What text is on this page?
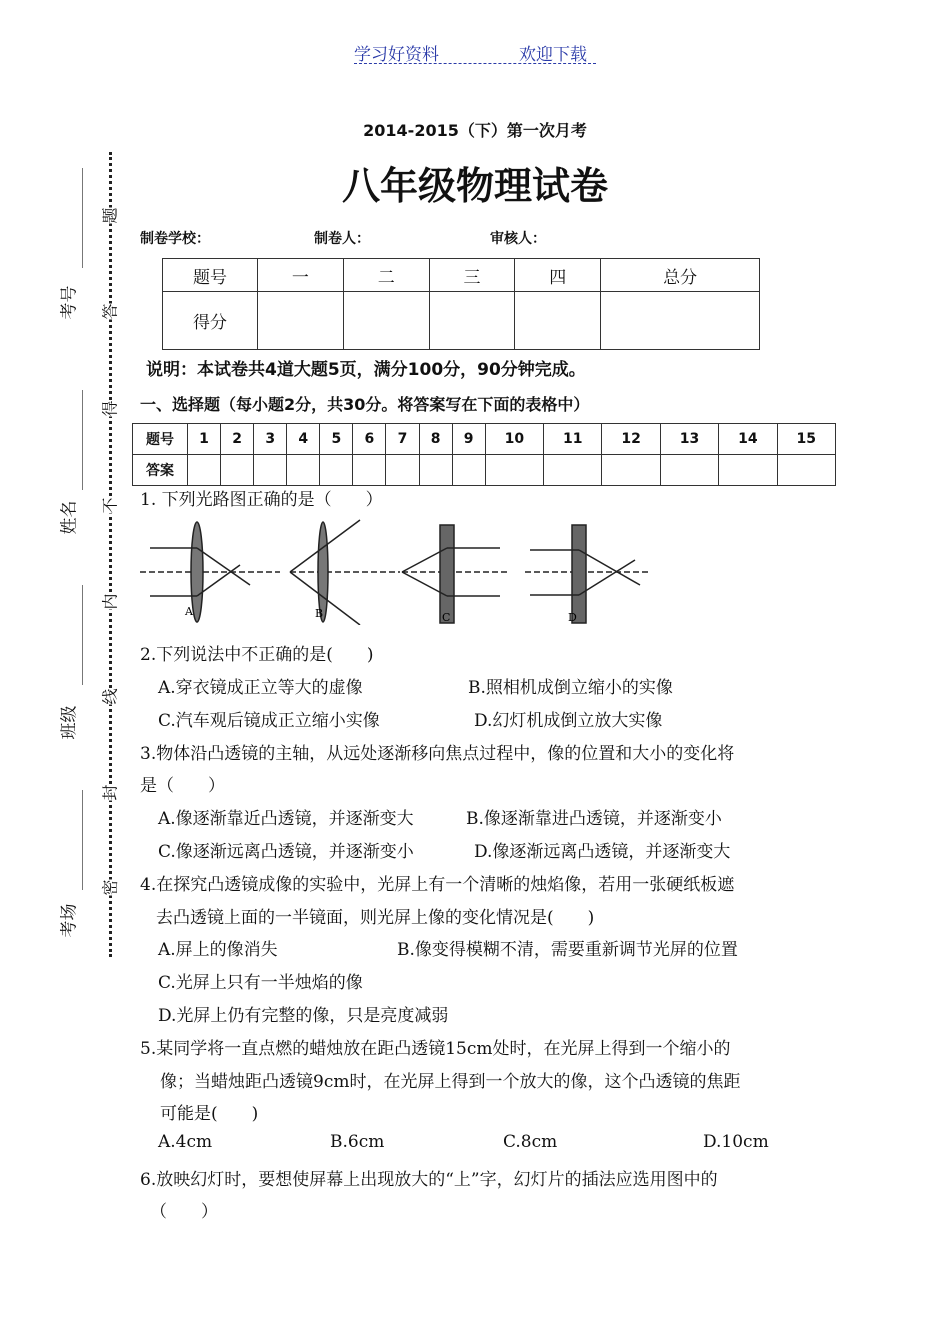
学习好资料	欢迎下载
2014-2015（下）第一次月考
八年级物理试卷
制卷学校：	制卷人：	审核人：
题号	一	二	三	四	总分
得分					
说明：本试卷共4道大题5页，满分100分，90分钟完成。
一、选择题（每小题2分，共30分。将答案写在下面的表格中）
题号	1	2	3	4	5	6	7	8	9	10	11	12	13	14	15
答案															
1. 下列光路图正确的是（　　）
A	B	C	D
2.下列说法中不正确的是(　　)
A.穿衣镜成正立等大的虚像	B.照相机成倒立缩小的实像
C.汽车观后镜成正立缩小实像	D.幻灯机成倒立放大实像
3.物体沿凸透镜的主轴，从远处逐渐移向焦点过程中，像的位置和大小的变化将
是（　　）
A.像逐渐靠近凸透镜，并逐渐变大	B.像逐渐靠进凸透镜，并逐渐变小
C.像逐渐远离凸透镜，并逐渐变小	D.像逐渐远离凸透镜，并逐渐变大
4.在探究凸透镜成像的实验中，光屏上有一个清晰的烛焰像，若用一张硬纸板遮
去凸透镜上面的一半镜面，则光屏上像的变化情况是(　　)
A.屏上的像消失	B.像变得模糊不清，需要重新调节光屏的位置
C.光屏上只有一半烛焰的像
D.光屏上仍有完整的像，只是亮度减弱
5.某同学将一直点燃的蜡烛放在距凸透镜15cm处时，在光屏上得到一个缩小的
像；当蜡烛距凸透镜9cm时，在光屏上得到一个放大的像，这个凸透镜的焦距
可能是(　　)
A.4cm	B.6cm	C.8cm	D.10cm
6.放映幻灯时，要想使屏幕上出现放大的“上”字，幻灯片的插法应选用图中的
（　　）
考号
姓名
班级
考场
题
答
得
不
内
线
封
密
